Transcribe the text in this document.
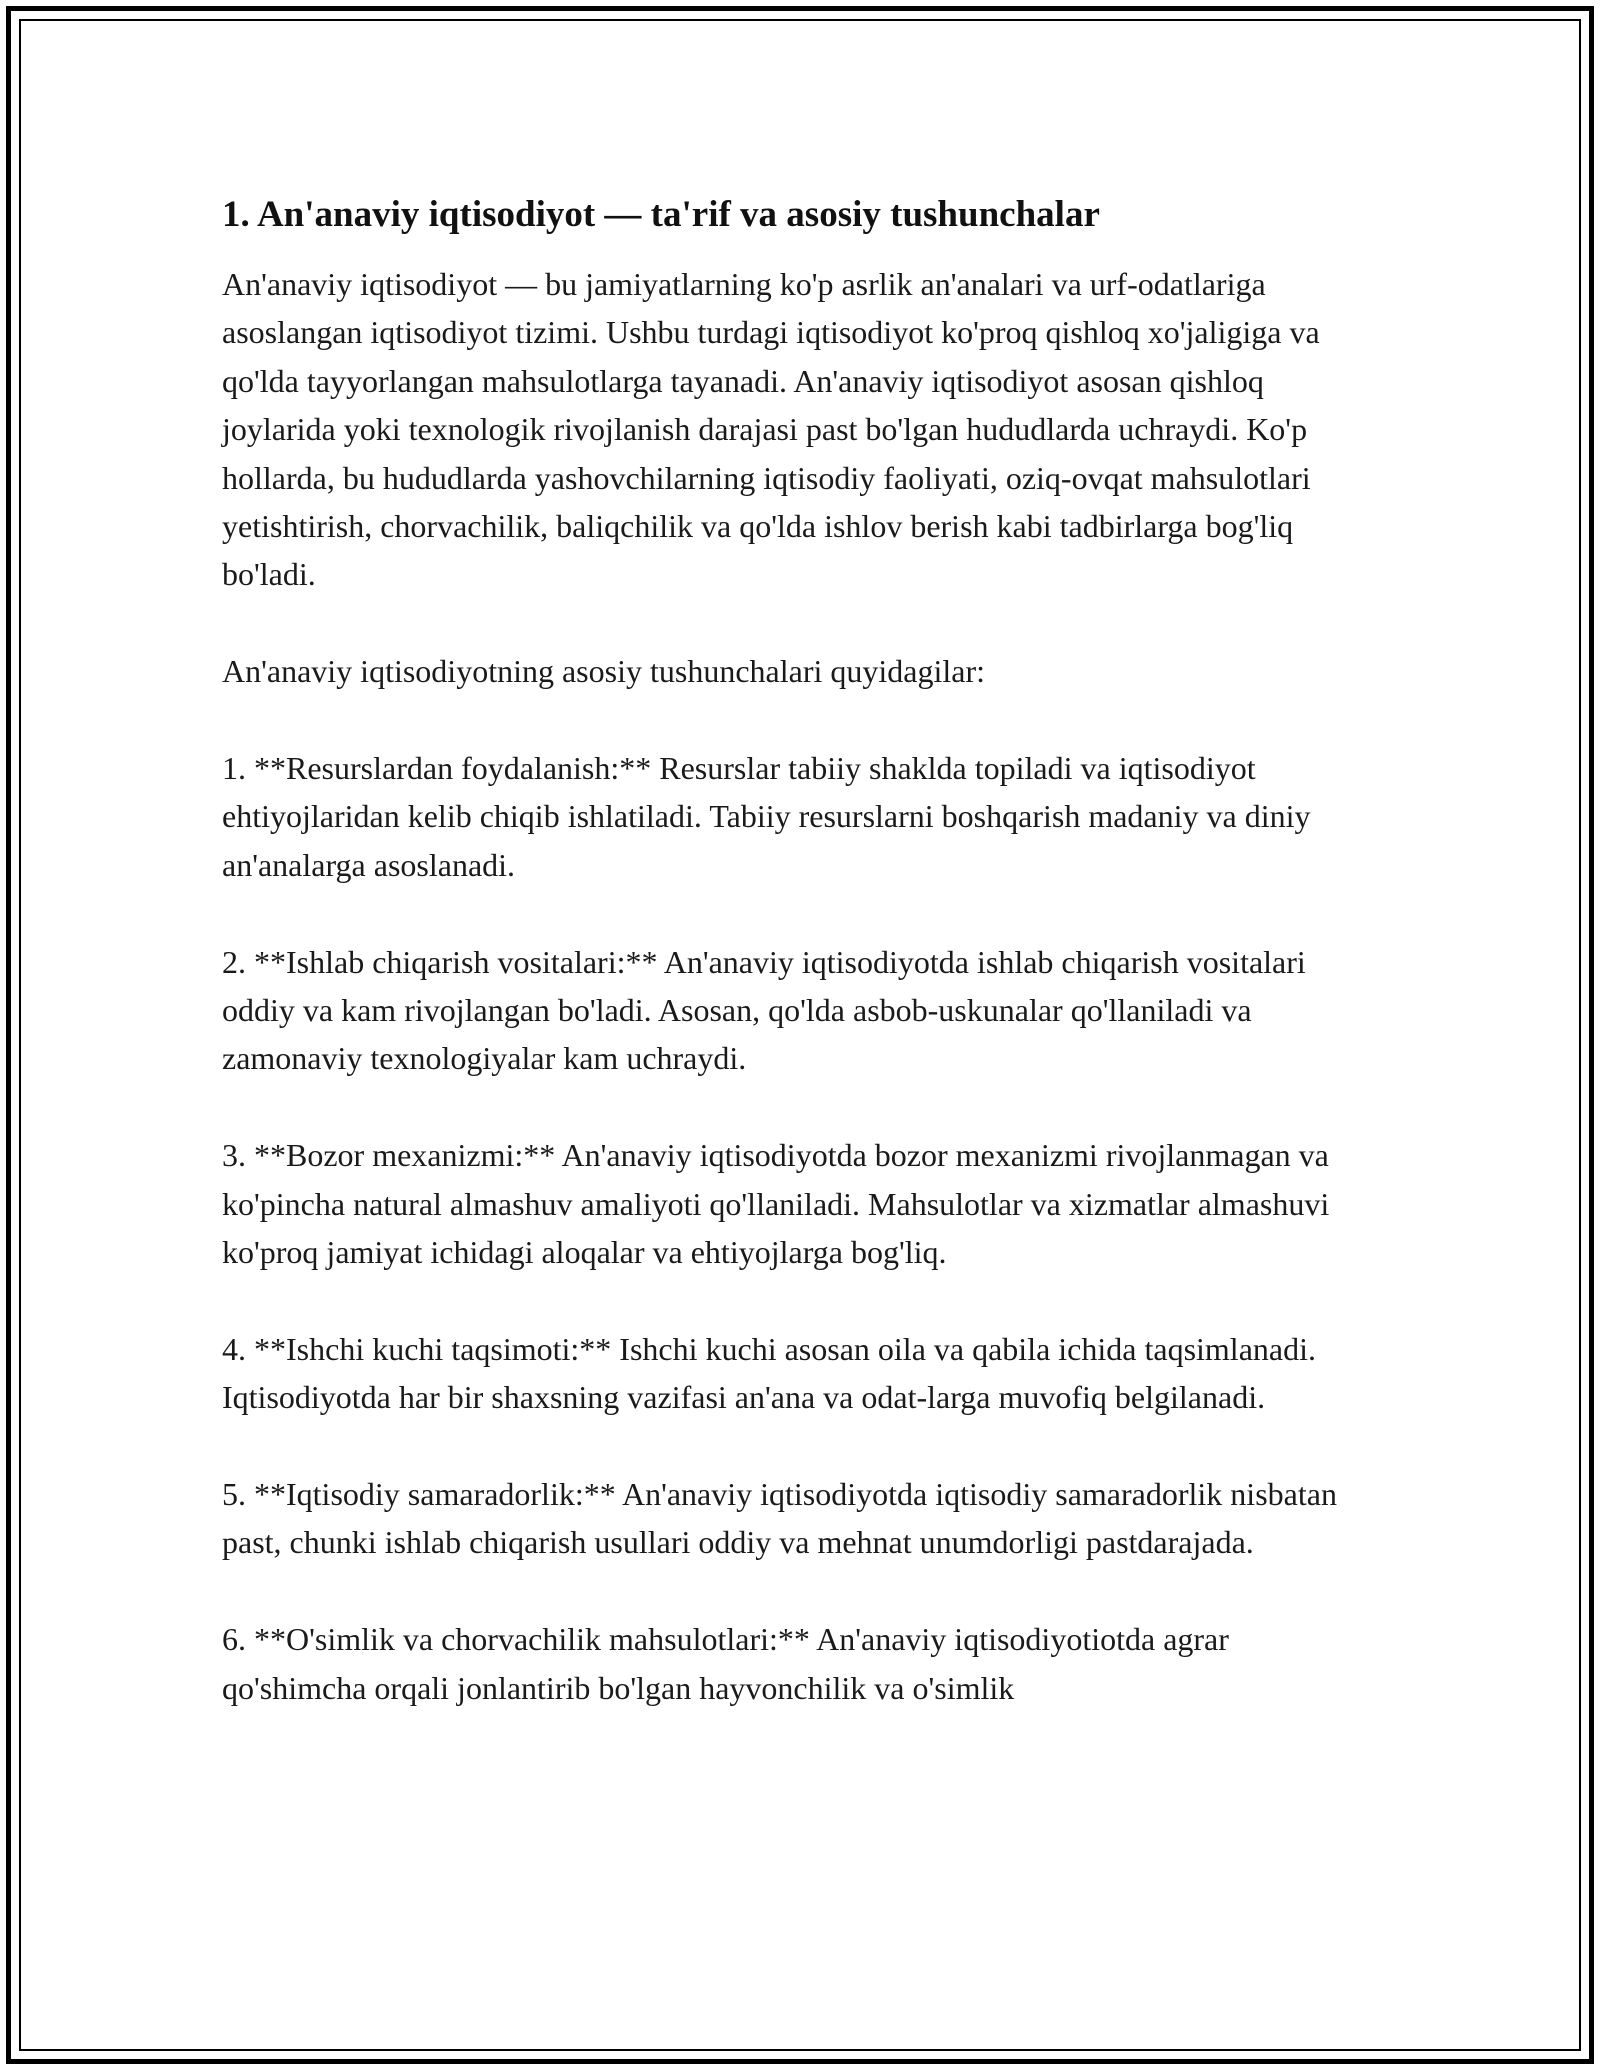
1. An'anaviy iqtisodiyot — ta'rif va asosiy tushunchalar

An'anaviy iqtisodiyot — bu jamiyatlarning ko'p asrlik an'analari va urf-odatlariga asoslangan iqtisodiyot tizimi. Ushbu turdagi iqtisodiyot ko'proq qishloq xo'jaligiga va qo'lda tayyorlangan mahsulotlarga tayanadi. An'anaviy iqtisodiyot asosan qishloq joylarida yoki texnologik rivojlanish darajasi past bo'lgan hududlarda uchraydi. Ko'p hollarda, bu hududlarda yashovchilarning iqtisodiy faoliyati, oziq-ovqat mahsulotlari yetishtirish, chorvachilik, baliqchilik va qo'lda ishlov berish kabi tadbirlarga bog'liq bo'ladi.

An'anaviy iqtisodiyotning asosiy tushunchalari quyidagilar:

1. **Resurslardan foydalanish:** Resurslar tabiiy shaklda topiladi va iqtisodiyot ehtiyojlaridan kelib chiqib ishlatiladi. Tabiiy resurslarni boshqarish madaniy va diniy an'analarga asoslanadi.

2. **Ishlab chiqarish vositalari:** An'anaviy iqtisodiyotda ishlab chiqarish vositalari oddiy va kam rivojlangan bo'ladi. Asosan, qo'lda asbob-uskunalar qo'llaniladi va zamonaviy texnologiyalar kam uchraydi.

3. **Bozor mexanizmi:** An'anaviy iqtisodiyotda bozor mexanizmi rivojlanmagan va ko'pincha natural almashuv amaliyoti qo'llaniladi. Mahsulotlar va xizmatlar almashuvi ko'proq jamiyat ichidagi aloqalar va ehtiyojlarga bog'liq.

4. **Ishchi kuchi taqsimoti:** Ishchi kuchi asosan oila va qabila ichida taqsimlanadi. Iqtisodiyotda har bir shaxsning vazifasi an'ana va odat-larga muvofiq belgilanadi.

5. **Iqtisodiy samaradorlik:** An'anaviy iqtisodiyotda iqtisodiy samaradorlik nisbatan past, chunki ishlab chiqarish usullari oddiy va mehnat unumdorligi pastdarajada.

6. **O'simlik va chorvachilik mahsulotlari:** An'anaviy iqtisodiyotiotda agrar qo'shimcha orqali jonlantirib bo'lgan hayvonchilik va o'simlik
